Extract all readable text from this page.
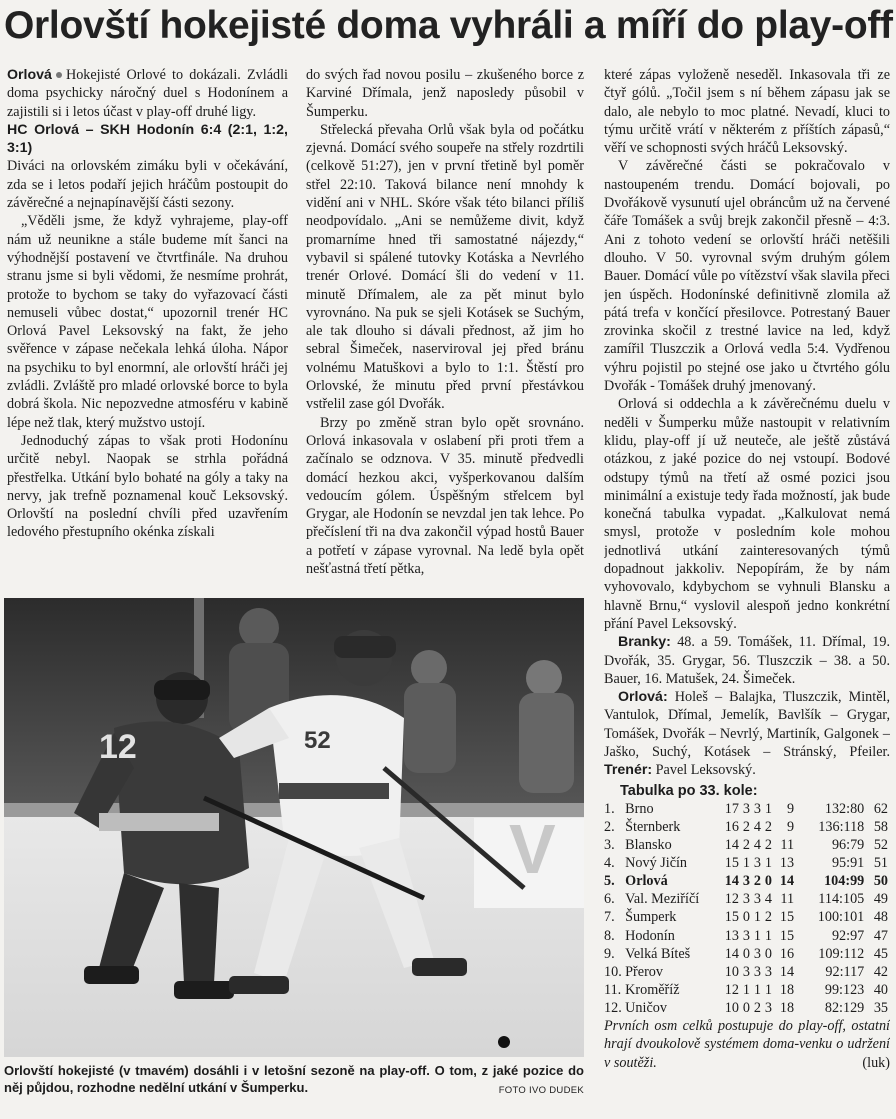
Orlovští hokejisté doma vyhráli a míří do play-off

Orlová Hokejisté Orlové to dokázali. Zvládli doma psychicky náročný duel s Hodonínem a zajistili si i letos účast v play-off druhé ligy.

HC Orlová – SKH Hodonín 6:4 (2:1, 1:2, 3:1)

Diváci na orlovském zimáku byli v očekávání, zda se i letos podaří jejich hráčům postoupit do závěrečné a nejnapínavější části sezony.

„Věděli jsme, že když vyhrajeme, play-off nám už neunikne a stále budeme mít šanci na výhodnější postavení ve čtvrtfinále. Na druhou stranu jsme si byli vědomi, že nesmíme prohrát, protože to bychom se taky do vyřazovací části nemuseli vůbec dostat,“ upozornil trenér HC Orlová Pavel Leksovský na fakt, že jeho svěřence v zápase nečekala lehká úloha. Nápor na psychiku to byl enormní, ale orlovští hráči jej zvládli. Zvláště pro mladé orlovské borce to byla dobrá škola. Nic nepozvedne atmosféru v kabině lépe než tlak, který mužstvo ustojí.

Jednoduchý zápas to však proti Hodonínu určitě nebyl. Naopak se strhla pořádná přestřelka. Utkání bylo bohaté na góly a taky na nervy, jak trefně poznamenal kouč Leksovský. Orlovští na poslední chvíli před uzavřením ledového přestupního okénka získali

do svých řad novou posilu – zkušeného borce z Karviné Dřímala, jenž naposledy působil v Šumperku.

Střelecká převaha Orlů však byla od počátku zjevná. Domácí svého soupeře na střely rozdrtili (celkově 51:27), jen v první třetině byl poměr střel 22:10. Taková bilance není mnohdy k vidění ani v NHL. Skóre však této bilanci příliš neodpovídalo. „Ani se nemůžeme divit, když promarníme hned tři samostatné nájezdy,“ vybavil si spálené tutovky Kotáska a Nevrlého trenér Orlové. Domácí šli do vedení v 11. minutě Dřímalem, ale za pět minut bylo vyrovnáno. Na puk se sjeli Kotásek se Suchým, ale tak dlouho si dávali přednost, až jim ho sebral Šimeček, naserviroval jej před bránu volnému Matuškovi a bylo to 1:1. Štěstí pro Orlovské, že minutu před první přestávkou vstřelil zase gól Dvořák.

Brzy po změně stran bylo opět srovnáno. Orlová inkasovala v oslabení při proti třem a začínalo se odznova. V 35. minutě předvedli domácí hezkou akci, vyšperkovanou dalším vedoucím gólem. Úspěšným střelcem byl Grygar, ale Hodonín se nevzdal jen tak lehce. Po přečíslení tři na dva zakončil výpad hostů Bauer a potřetí v zápase vyrovnal. Na ledě byla opět nešťastná třetí pětka,

které zápas vyloženě neseděl. Inkasovala tři ze čtyř gólů. „Točil jsem s ní během zápasu jak se dalo, ale nebylo to moc platné. Nevadí, kluci to týmu určitě vrátí v některém z příštích zápasů,“ věří ve schopnosti svých hráčů Leksovský.

V závěrečné části se pokračovalo v nastoupeném trendu. Domácí bojovali, po Dvořákově vysunutí ujel obráncům už na červené čáře Tomášek a svůj brejk zakončil přesně – 4:3. Ani z tohoto vedení se orlovští hráči netěšili dlouho. V 50. vyrovnal svým druhým gólem Bauer. Domácí vůle po vítězství však slavila přeci jen úspěch. Hodonínské definitivně zlomila až pátá trefa v končící přesilovce. Potrestaný Bauer zrovinka skočil z trestné lavice na led, když zamířil Tluszczik a Orlová vedla 5:4. Vydřenou výhru pojistil po stejné ose jako u čtvrtého gólu Dvořák - Tomášek druhý jmenovaný.

Orlová si oddechla a k závěrečnému duelu v neděli v Šumperku může nastoupit v relativním klidu, play-off jí už neuteče, ale ještě zůstává otázkou, z jaké pozice do nej vstoupí. Bodové odstupy týmů na třetí až osmé pozici jsou minimální a existuje tedy řada možností, jak bude konečná tabulka vypadat. „Kalkulovat nemá smysl, protože v posledním kole mohou jednotlivá utkání zainteresovaných týmů dopadnout jakkoliv. Nepopírám, že by nám vyhovovalo, kdybychom se vyhnuli Blansku a hlavně Brnu,“ vyslovil alespoň jedno konkrétní přání Pavel Leksovský.

Branky: 48. a 59. Tomášek, 11. Dřímal, 19. Dvořák, 35. Grygar, 56. Tluszczik – 38. a 50. Bauer, 16. Matušek, 24. Šimeček.

Orlová: Holeš – Balajka, Tluszczik, Mintěl, Vantulok, Dřímal, Jemelík, Bavlšík – Grygar, Tomášek, Dvořák – Nevrlý, Martiník, Galgonek – Jaško, Suchý, Kotásek – Stránský, Pfeiler. Trenér: Pavel Leksovský.

Tabulka po 33. kole:
1.	Brno	17	3	3	1	9	132:80	62
2.	Šternberk	16	2	4	2	9	136:118	58
3.	Blansko	14	2	4	2	11	96:79	52
4.	Nový Jičín	15	1	3	1	13	95:91	51
5.	Orlová	14	3	2	0	14	104:99	50
6.	Val. Meziříčí	12	3	3	4	11	114:105	49
7.	Šumperk	15	0	1	2	15	100:101	48
8.	Hodonín	13	3	1	1	15	92:97	47
9.	Velká Bíteš	14	0	3	0	16	109:112	45
10.	Přerov	10	3	3	3	14	92:117	42
11.	Kroměříž	12	1	1	1	18	99:123	40
12.	Uničov	10	0	2	3	18	82:129	35

Prvních osm celků postupuje do play-off, ostatní hrají dvoukolově systémem doma-venku o udržení v soutěži.	(luk)

V
12	52
Orlovští hokejisté (v tmavém) dosáhli i v letošní sezoně na play-off. O tom, z jaké pozice do něj půjdou, rozhodne nedělní utkání v Šumperku.	FOTO IVO DUDEK
